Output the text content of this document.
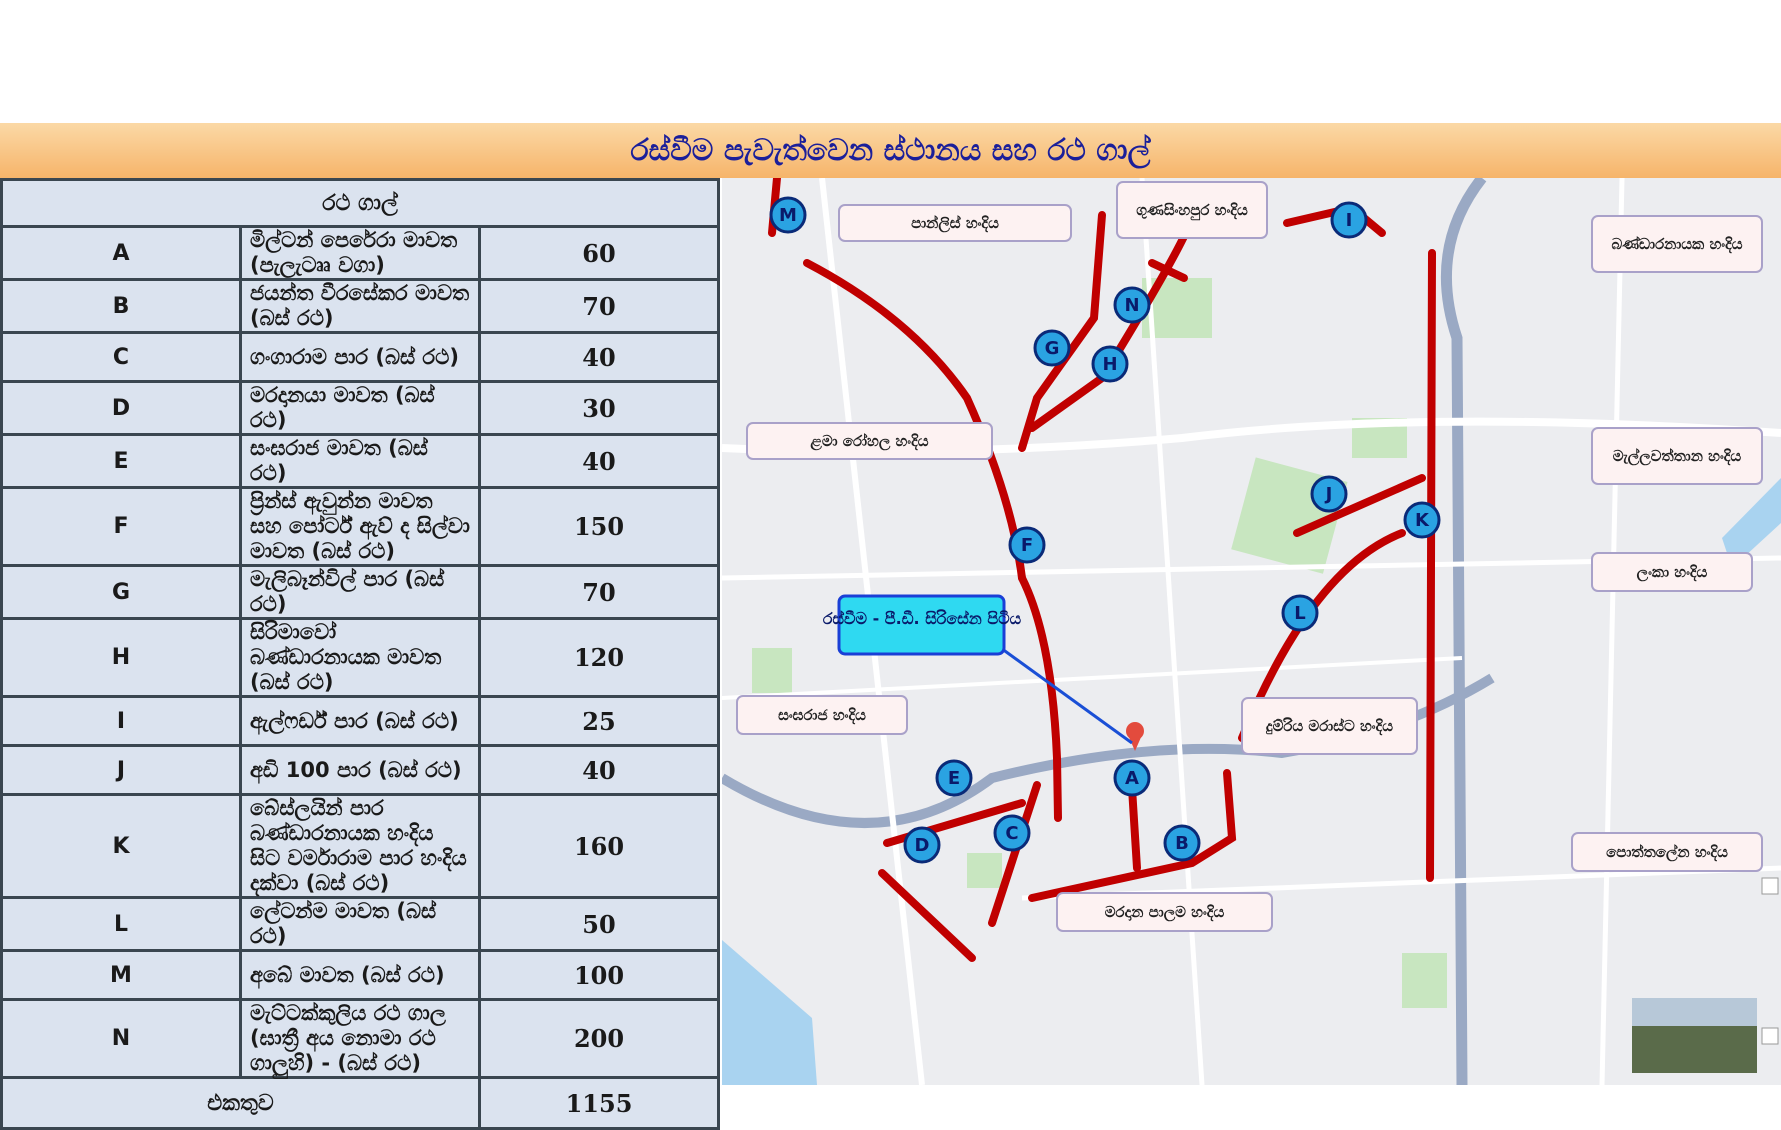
රස්වීම පැවැත්වෙන ස්ථානය සහ රථ ගාල්
රථ ගාල්		
A	මිල්ටන් පෙරේරා මාවත (පැලැට්‍රූ වගා)	60
B	ජයන්ත වීරසේකර මාවත (බස් රථ)	70
C	ගංගාරාම පාර (බස් රථ)	40
D	මරදානයා මාවත (බස් රථ)	30
E	සංඝරාජ මාවත (බස් රථ)	40
F	ප්‍රින්ස් ඇවුන්න මාවත සහ පෝර්ට් ඇව් ද සිල්වා මාවත (බස් රථ)	150
G	මැලිබෑන්විල් පාර (බස් රථ)	70
H	සිරිමාවෝ බණ්ඩාරනායක මාවත (බස් රථ)	120
I	ඇල්ෆර්ඩ් පාර (බස් රථ)	25
J	අඩි 100 පාර (බස් රථ)	40
K	බේස්ලයින් පාර බණ්ඩාරනායක හංදිය සිට වර්මාරාම පාර හංදිය දක්වා (බස් රථ)	160
L	ලේටන්ම මාවත (බස් රථ)	50
M	අබේ මාවත (බස් රථ)	100
N	මැට්ටක්කුලිය රථ ගාල (ඝාත්‍රී අය නොමා රථ ගාලුහි) - (බස් රථ)	200
එකතුව		1155
රස්වීම - පී.ඩී. සිරිසේන පිටිය
පාන්ලිස් හංදිය
ගුණසිංහපුර හංදිය
බණ්ඩාරනායක හංදිය
ළමා රෝහල හංදිය
මැල්ලවත්තාන හංදිය
ලංකා හංදිය
සංඝරාජ හංදිය
දුම්රිය මරාස්ට හංදිය
මරදාන පාලම හංදිය
පොත්තලේන හංදිය
A
B
C
D
E
F
G
H
I
J
K
L
M
N
